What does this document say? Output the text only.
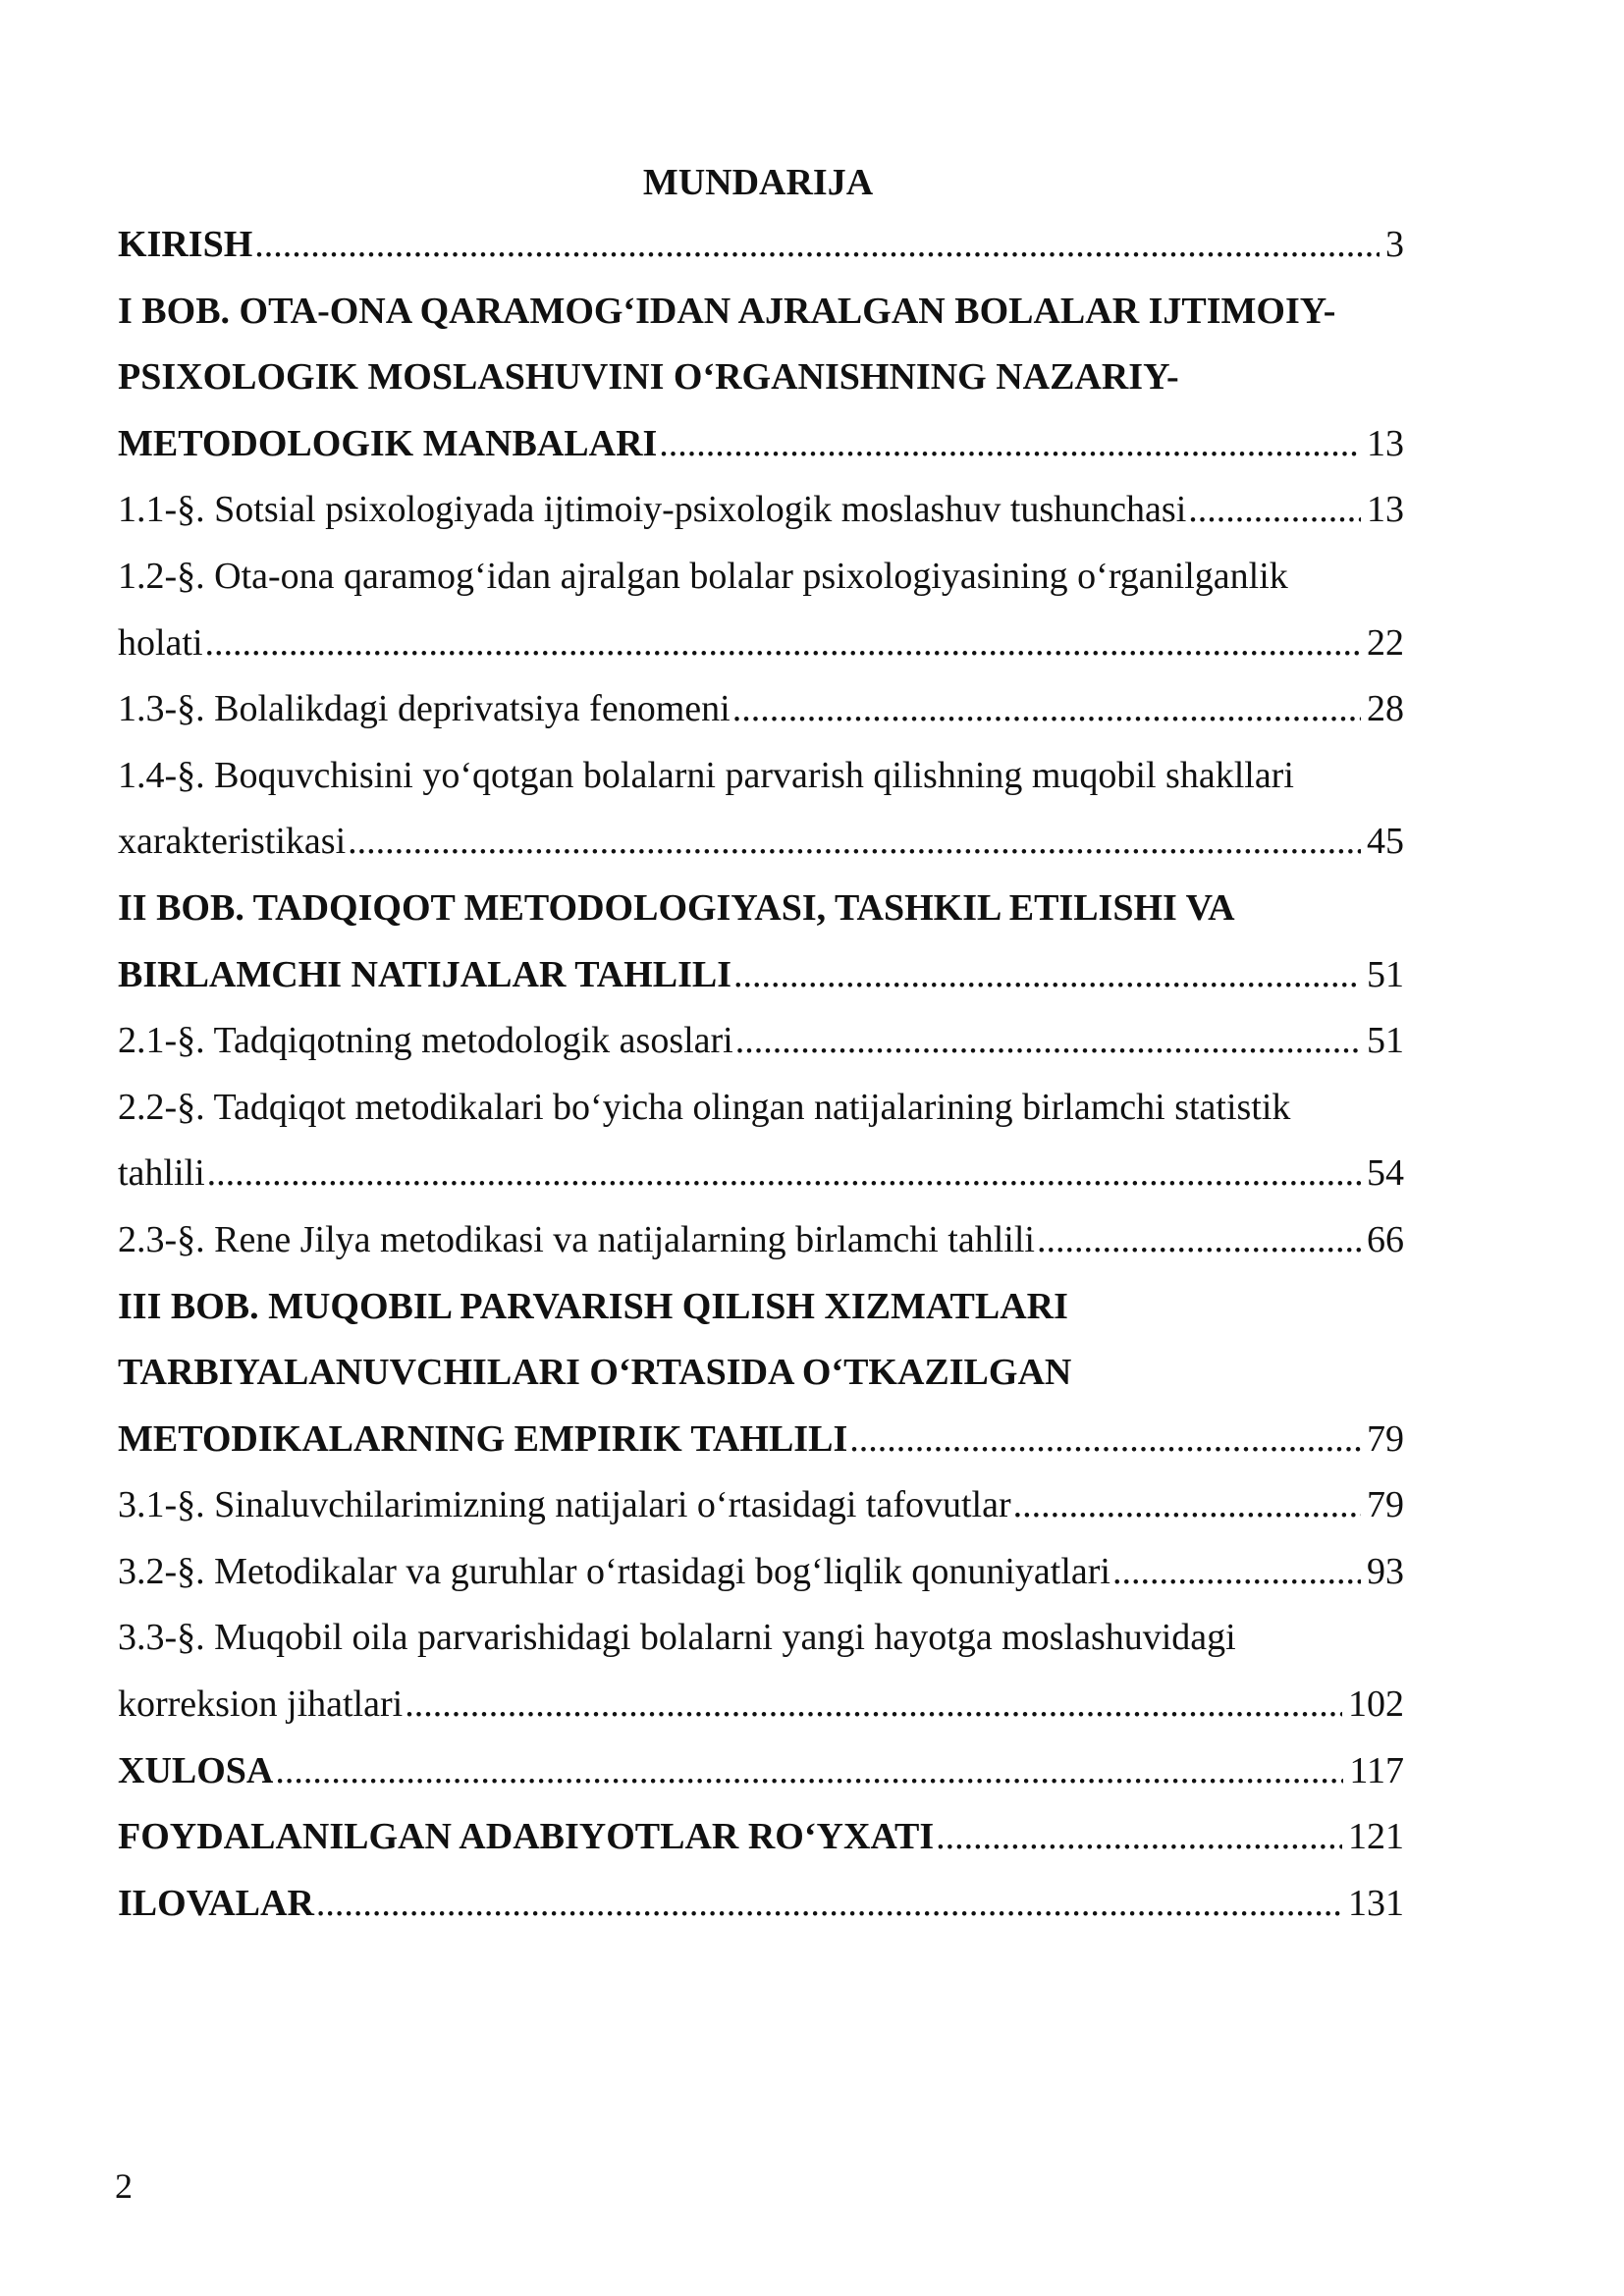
MUNDARIJA
KIRISH .....	3
I BOB. OTA-ONA QARAMOG‘IDAN AJRALGAN BOLALAR IJTIMOIY-
PSIXOLOGIK MOSLASHUVINI O‘RGANISHNING NAZARIY-
METODOLOGIK MANBALARI .....	13
1.1-§. Sotsial psixologiyada ijtimoiy-psixologik moslashuv tushunchasi .....	13
1.2-§. Ota-ona qaramog‘idan ajralgan bolalar psixologiyasining o‘rganilganlik
holati .....	22
1.3-§. Bolalikdagi deprivatsiya fenomeni .....	28
1.4-§. Boquvchisini yo‘qotgan bolalarni parvarish qilishning muqobil shakllari
xarakteristikasi .....	45
II BOB. TADQIQOT METODOLOGIYASI, TASHKIL ETILISHI VA
BIRLAMCHI NATIJALAR TAHLILI .....	51
2.1-§. Tadqiqotning metodologik asoslari .....	51
2.2-§. Tadqiqot metodikalari bo‘yicha olingan natijalarining birlamchi statistik
tahlili .....	54
2.3-§. Rene Jilya metodikasi va natijalarning birlamchi tahlili .....	66
III BOB. MUQOBIL PARVARISH QILISH XIZMATLARI
TARBIYALANUVCHILARI O‘RTASIDA O‘TKAZILGAN
METODIKALARNING EMPIRIK TAHLILI .....	79
3.1-§. Sinaluvchilarimizning natijalari o‘rtasidagi tafovutlar .....	79
3.2-§. Metodikalar va guruhlar o‘rtasidagi bog‘liqlik qonuniyatlari .....	93
3.3-§. Muqobil oila parvarishidagi bolalarni yangi hayotga moslashuvidagi
korreksion jihatlari .....	102
XULOSA .....	117
FOYDALANILGAN ADABIYOTLAR RO‘YXATI .....	121
ILOVALAR .....	131
2
